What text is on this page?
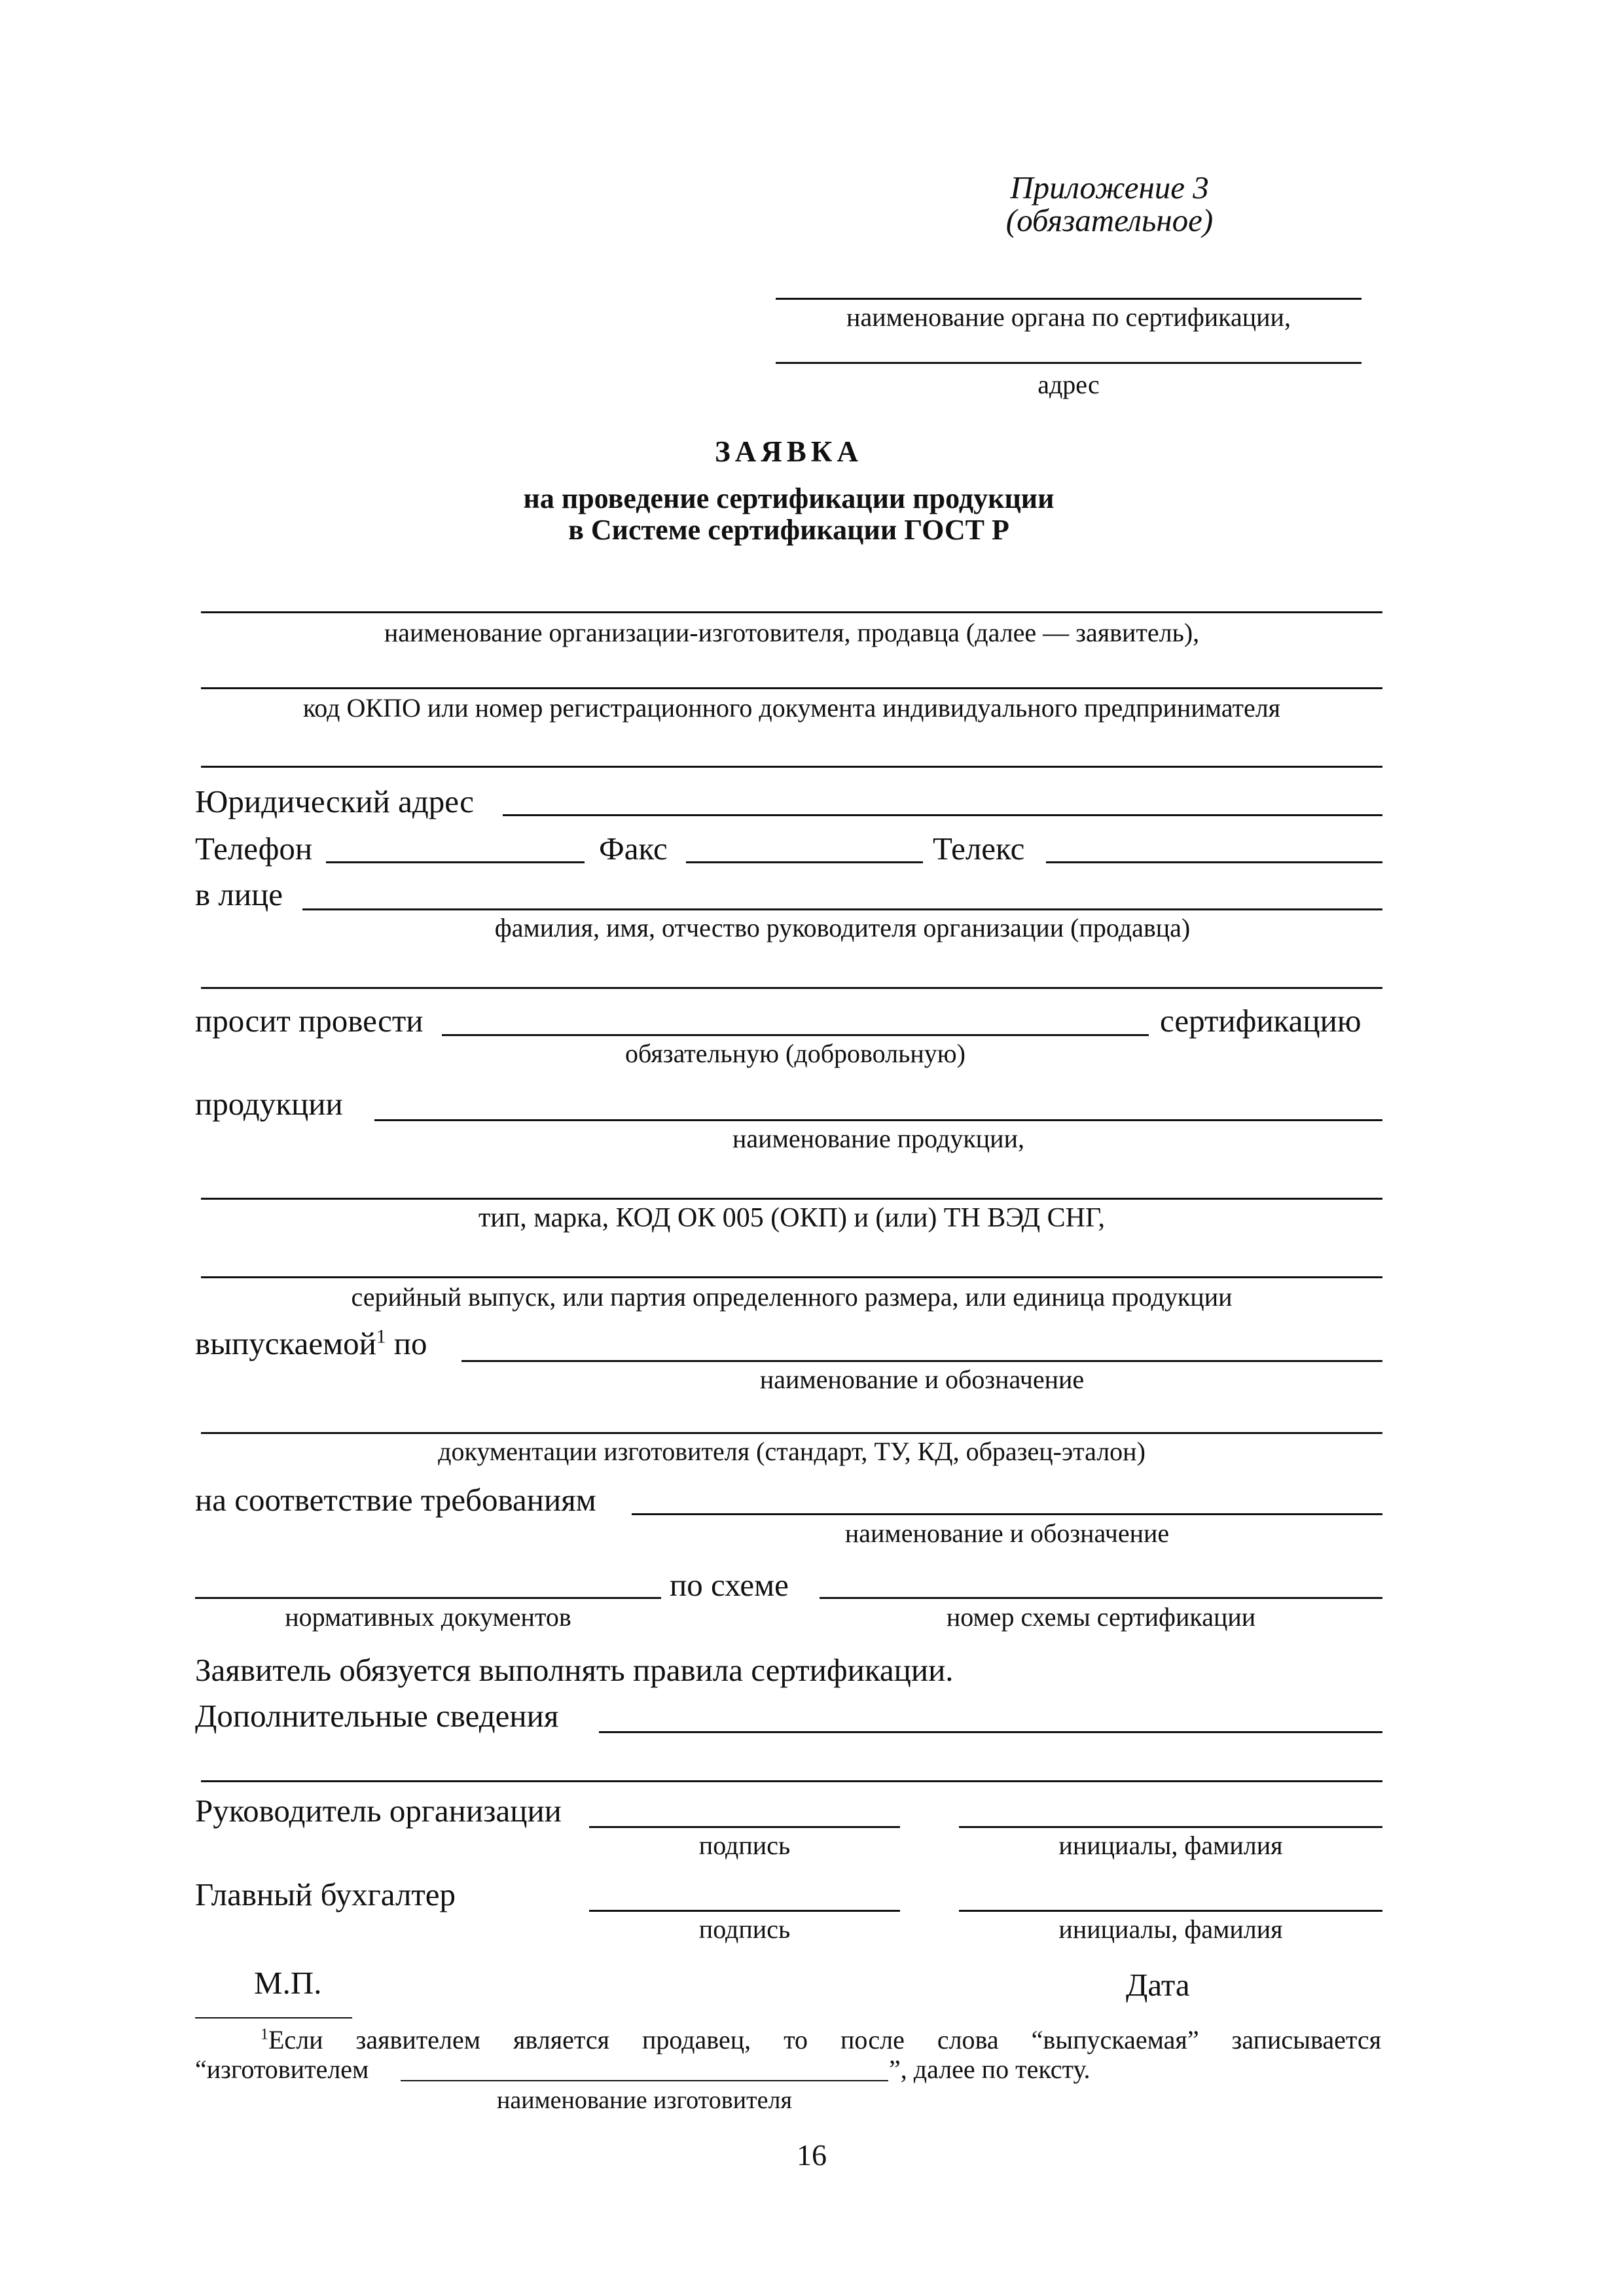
Приложение 3
(обязательное)
наименование органа по сертификации,
адрес
ЗАЯВКА
на проведение сертификации продукции
в Системе сертификации ГОСТ Р
наименование организации-изготовителя, продавца (далее — заявитель),
код ОКПО или номер регистрационного документа индивидуального предпринимателя
Юридический адрес
Телефон	Факс	Телекс
в лице
фамилия, имя, отчество руководителя организации (продавца)
просит провести	сертификацию
обязательную (добровольную)
продукции
наименование продукции,
тип, марка, КОД ОК 005 (ОКП) и (или) ТН ВЭД СНГ,
серийный выпуск, или партия определенного размера, или единица продукции
выпускаемой$^1$ по
наименование и обозначение
документации изготовителя (стандарт, ТУ, КД, образец-эталон)
на соответствие требованиям
наименование и обозначение
по схеме
нормативных документов	номер схемы сертификации
Заявитель обязуется выполнять правила сертификации.
Дополнительные сведения
Руководитель организации
подпись	инициалы, фамилия
Главный бухгалтер
подпись	инициалы, фамилия
М.П.	Дата
$^1$Если заявителем является продавец, то после слова “выпускаемая” записывается
“изготовителем	”, далее по тексту.
наименование изготовителя
16
